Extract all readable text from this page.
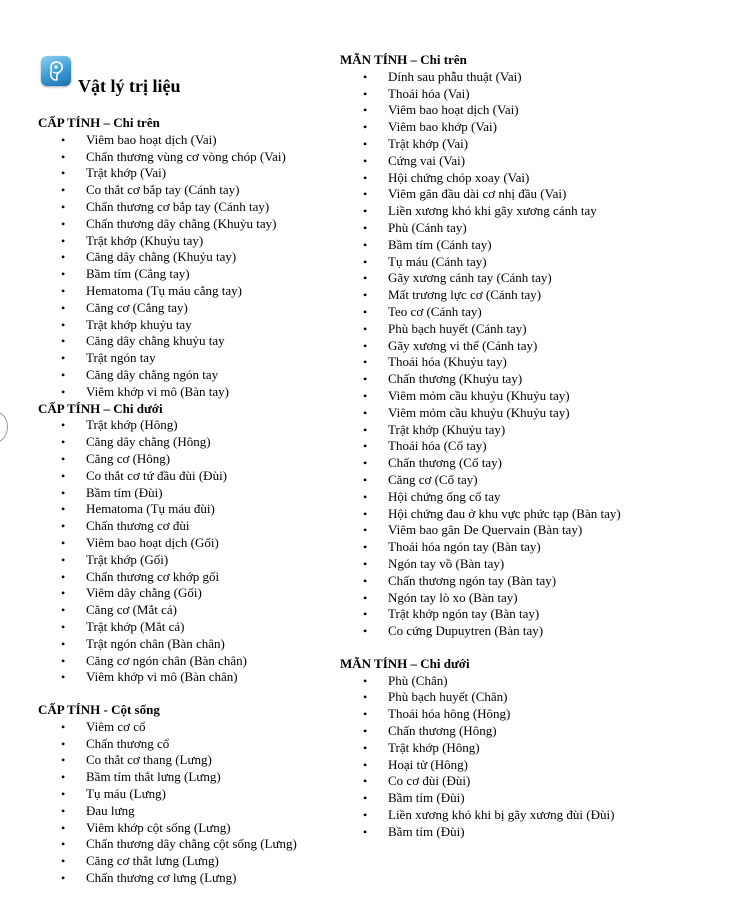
Vật lý trị liệu
CẤP TÍNH – Chi trên
• Viêm bao hoạt dịch (Vai)
• Chấn thương vùng cơ vòng chóp (Vai)
• Trật khớp (Vai)
• Co thắt cơ bắp tay (Cánh tay)
• Chấn thương cơ bắp tay (Cánh tay)
• Chấn thương dây chằng (Khuỷu tay)
• Trật khớp (Khuỷu tay)
• Căng dây chằng (Khuỷu tay)
• Bầm tím (Cẳng tay)
• Hematoma (Tụ máu cẳng tay)
• Căng cơ (Cẳng tay)
• Trật khớp khuỷu tay
• Căng dây chằng khuỷu tay
• Trật ngón tay
• Căng dây chằng ngón tay
• Viêm khớp vi mô (Bàn tay)
CẤP TÍNH – Chi dưới
• Trật khớp (Hông)
• Căng dây chằng (Hông)
• Căng cơ (Hông)
• Co thắt cơ tứ đầu đùi (Đùi)
• Bầm tím (Đùi)
• Hematoma (Tụ máu đùi)
• Chấn thương cơ đùi
• Viêm bao hoạt dịch (Gối)
• Trật khớp (Gối)
• Chấn thương cơ khớp gối
• Viêm dây chằng (Gối)
• Căng cơ (Mắt cá)
• Trật khớp (Mắt cá)
• Trật ngón chân (Bàn chân)
• Căng cơ ngón chân (Bàn chân)
• Viêm khớp vi mô (Bàn chân)
CẤP TÍNH - Cột sống
• Viêm cơ cổ
• Chấn thương cổ
• Co thắt cơ thang (Lưng)
• Bầm tím thắt lưng (Lưng)
• Tụ máu (Lưng)
• Đau lưng
• Viêm khớp cột sống (Lưng)
• Chấn thương dây chằng cột sống (Lưng)
• Căng cơ thắt lưng (Lưng)
• Chấn thương cơ lưng (Lưng)
MÃN TÍNH – Chi trên
• Dính sau phẫu thuật (Vai)
• Thoái hóa (Vai)
• Viêm bao hoạt dịch (Vai)
• Viêm bao khớp (Vai)
• Trật khớp (Vai)
• Cứng vai (Vai)
• Hội chứng chóp xoay (Vai)
• Viêm gân đầu dài cơ nhị đầu (Vai)
• Liền xương khó khi gãy xương cánh tay
• Phù (Cánh tay)
• Bầm tím (Cánh tay)
• Tụ máu (Cánh tay)
• Gãy xương cánh tay (Cánh tay)
• Mất trương lực cơ (Cánh tay)
• Teo cơ (Cánh tay)
• Phù bạch huyết (Cánh tay)
• Gãy xương vi thể (Cánh tay)
• Thoái hóa (Khuỷu tay)
• Chấn thương (Khuỷu tay)
• Viêm mỏm cầu khuỷu (Khuỷu tay)
• Viêm mỏm cầu khuỷu (Khuỷu tay)
• Trật khớp (Khuỷu tay)
• Thoái hóa (Cổ tay)
• Chấn thương (Cổ tay)
• Căng cơ (Cổ tay)
• Hội chứng ống cổ tay
• Hội chứng đau ở khu vực phức tạp (Bàn tay)
• Viêm bao gân De Quervain (Bàn tay)
• Thoái hóa ngón tay (Bàn tay)
• Ngón tay vồ (Bàn tay)
• Chấn thương ngón tay (Bàn tay)
• Ngón tay lò xo (Bàn tay)
• Trật khớp ngón tay (Bàn tay)
• Co cứng Dupuytren (Bàn tay)
MÃN TÍNH – Chi dưới
• Phù (Chân)
• Phù bạch huyết (Chân)
• Thoái hóa hông (Hông)
• Chấn thương (Hông)
• Trật khớp (Hông)
• Hoại tử (Hông)
• Co cơ đùi (Đùi)
• Bầm tím (Đùi)
• Liền xương khó khi bị gãy xương đùi (Đùi)
• Bầm tím (Đùi)
